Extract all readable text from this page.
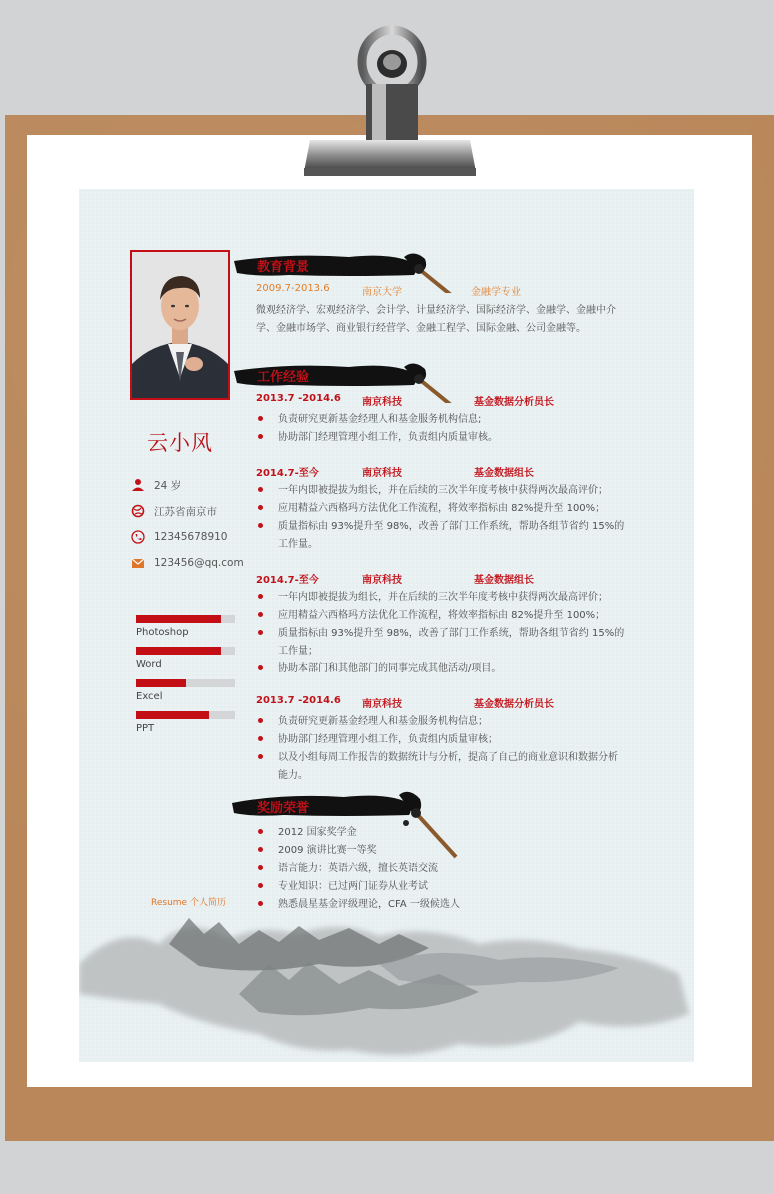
云小风
24 岁
江苏省南京市
12345678910
123456@qq.com
Photoshop
Word
Excel
PPT
Resume 个人简历
教育背景
2009.7-2013.6	南京大学	金融学专业
微观经济学、宏观经济学、会计学、计量经济学、国际经济学、金融学、金融中介
学、金融市场学、商业银行经营学、金融工程学、国际金融、公司金融等。
工作经验
2013.7 -2014.6 南京科技	基金数据分析员长
负责研究更新基金经理人和基金服务机构信息;
协助部门经理管理小组工作，负责组内质量审核。
2014.7-至今	南京科技	基金数据组长
一年内即被提拔为组长，并在后续的三次半年度考核中获得两次最高评价；
应用精益六西格玛方法优化工作流程，将效率指标由 82%提升至 100%；
质量指标由 93%提升至 98%，改善了部门工作系统，帮助各组节省约 15%的
工作量。
2014.7-至今	南京科技	基金数据组长
一年内即被提拔为组长，并在后续的三次半年度考核中获得两次最高评价；
应用精益六西格玛方法优化工作流程，将效率指标由 82%提升至 100%；
质量指标由 93%提升至 98%，改善了部门工作系统，帮助各组节省约 15%的
工作量；
协助本部门和其他部门的同事完成其他活动/项目。
2013.7 -2014.6 南京科技	基金数据分析员长
负责研究更新基金经理人和基金服务机构信息；
协助部门经理管理小组工作，负责组内质量审核；
以及小组每周工作报告的数据统计与分析，提高了自己的商业意识和数据分析
能力。
奖励荣誉
2012 国家奖学金
2009 演讲比赛一等奖
语言能力：英语六级，擅长英语交流
专业知识：已过两门证券从业考试
熟悉晨星基金评级理论，CFA 一级候选人
